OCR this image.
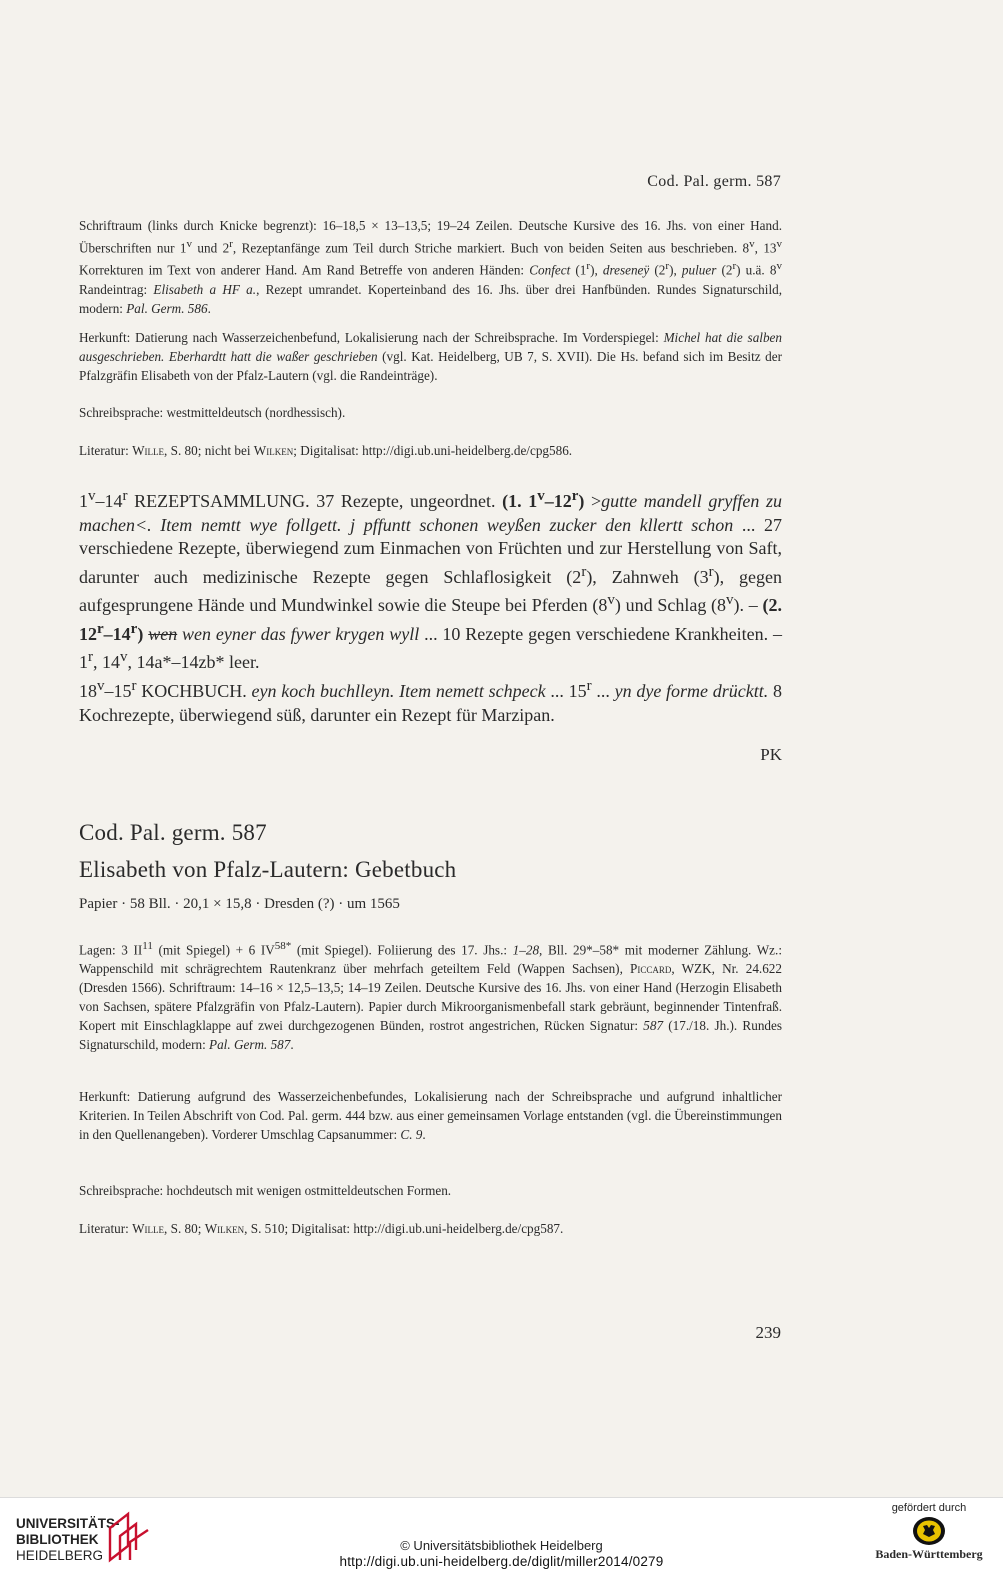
Cod. Pal. germ. 587

Schriftraum (links durch Knicke begrenzt): 16–18,5 × 13–13,5; 19–24 Zeilen. Deutsche Kursive des 16. Jhs. von einer Hand. Überschriften nur 1$^v$ und 2$^r$, Rezeptanfänge zum Teil durch Striche markiert. Buch von beiden Seiten aus beschrieben. 8$^v$, 13$^v$ Korrekturen im Text von anderer Hand. Am Rand Betreffe von anderen Händen: Confect (1$^r$), dreseneÿ (2$^r$), puluer (2$^r$) u.ä. 8$^v$ Randeintrag: Elisabeth a HF a., Rezept umrandet. Koperteinband des 16. Jhs. über drei Hanfbünden. Rundes Signaturschild, modern: Pal. Germ. 586.

Herkunft: Datierung nach Wasserzeichenbefund, Lokalisierung nach der Schreibsprache. Im Vorderspiegel: Michel hat die salben ausgeschrieben. Eberhardtt hatt die waßer geschrieben (vgl. Kat. Heidelberg, UB 7, S. XVII). Die Hs. befand sich im Besitz der Pfalzgräfin Elisabeth von der Pfalz-Lautern (vgl. die Randeinträge).

Schreibsprache: westmitteldeutsch (nordhessisch).

Literatur: Wille, S. 80; nicht bei Wilken; Digitalisat: http://digi.ub.uni-heidelberg.de/cpg586.

1$^v$–14$^r$ REZEPTSAMMLUNG. 37 Rezepte, ungeordnet. (1. $1^v-12^r$) >gutte mandell gryffen zu machen<. Item nemtt wye follgett. j pffuntt schonen weyßen zucker den kllertt schon ... 27 verschiedene Rezepte, überwiegend zum Einmachen von Früchten und zur Herstellung von Saft, darunter auch medizinische Rezepte gegen Schlaflosigkeit (2$^r$), Zahnweh (3$^r$), gegen aufgesprungene Hände und Mundwinkel sowie die Steupe bei Pferden (8$^v$) und Schlag (8$^v$). – (2. 12$^r$–14$^r$) wen wen eyner das fywer krygen wyll ... 10 Rezepte gegen verschiedene Krankheiten. – 1$^r$, 14$^v$, 14a*–14zb* leer.

18$^v$–15$^r$ KOCHBUCH. eyn koch buchlleyn. Item nemett schpeck ... 15$^r$ ... yn dye forme drücktt. 8 Kochrezepte, überwiegend süß, darunter ein Rezept für Marzipan.

PK
Cod. Pal. germ. 587
Elisabeth von Pfalz-Lautern: Gebetbuch
Papier · 58 Bll. · 20,1 × 15,8 · Dresden (?) · um 1565

Lagen: 3 II$^{11}$ (mit Spiegel) + 6 $IV^{58*}$ (mit Spiegel). Foliierung des 17. Jhs.: 1–28, Bll. 29*–58* mit moderner Zählung. Wz.: Wappenschild mit schrägrechtem Rautenkranz über mehrfach geteiltem Feld (Wappen Sachsen), Piccard, WZK, Nr. 24.622 (Dresden 1566). Schriftraum: 14–16 × 12,5–13,5; 14–19 Zeilen. Deutsche Kursive des 16. Jhs. von einer Hand (Herzogin Elisabeth von Sachsen, spätere Pfalzgräfin von Pfalz-Lautern). Papier durch Mikroorganismenbefall stark gebräunt, beginnender Tintenfraß. Kopert mit Einschlagklappe auf zwei durchgezogenen Bünden, rostrot angestrichen, Rücken Signatur: 587 (17./18. Jh.). Rundes Signaturschild, modern: Pal. Germ. 587.

Herkunft: Datierung aufgrund des Wasserzeichenbefundes, Lokalisierung nach der Schreibsprache und aufgrund inhaltlicher Kriterien. In Teilen Abschrift von Cod. Pal. germ. 444 bzw. aus einer gemeinsamen Vorlage entstanden (vgl. die Übereinstimmungen in den Quellenangeben). Vorderer Umschlag Capsanummer: C. 9.

Schreibsprache: hochdeutsch mit wenigen ostmitteldeutschen Formen.

Literatur: Wille, S. 80; Wilken, S. 510; Digitalisat: http://digi.ub.uni-heidelberg.de/cpg587.

239
UNIVERSITÄTS-
BIBLIOTHEK
HEIDELBERG
© Universitätsbibliothek Heidelberg
http://digi.ub.uni-heidelberg.de/diglit/miller2014/0279
gefördert durch
Baden-Württemberg
